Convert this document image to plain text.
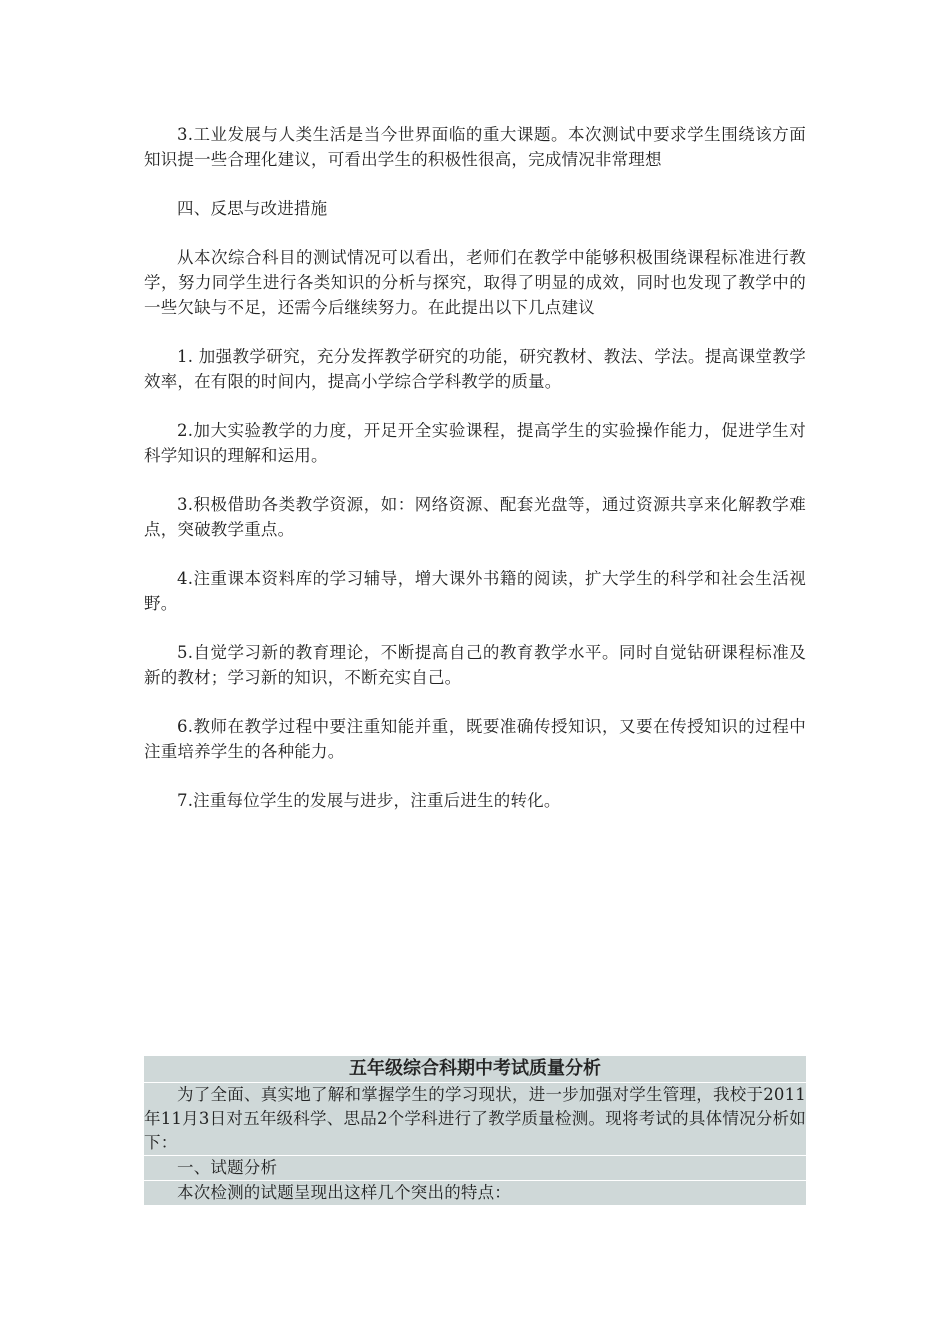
3.工业发展与人类生活是当今世界面临的重大课题。本次测试中要求学生围绕该方面知识提一些合理化建议，可看出学生的积极性很高，完成情况非常理想

四、反思与改进措施

从本次综合科目的测试情况可以看出，老师们在教学中能够积极围绕课程标准进行教学，努力同学生进行各类知识的分析与探究，取得了明显的成效，同时也发现了教学中的一些欠缺与不足，还需今后继续努力。在此提出以下几点建议

1. 加强教学研究，充分发挥教学研究的功能，研究教材、教法、学法。提高课堂教学效率，在有限的时间内，提高小学综合学科教学的质量。

2.加大实验教学的力度，开足开全实验课程，提高学生的实验操作能力，促进学生对科学知识的理解和运用。

3.积极借助各类教学资源，如：网络资源、配套光盘等，通过资源共享来化解教学难点，突破教学重点。

4.注重课本资料库的学习辅导，增大课外书籍的阅读，扩大学生的科学和社会生活视野。

5.自觉学习新的教育理论，不断提高自己的教育教学水平。同时自觉钻研课程标准及新的教材；学习新的知识，不断充实自己。

6.教师在教学过程中要注重知能并重，既要准确传授知识，又要在传授知识的过程中注重培养学生的各种能力。

7.注重每位学生的发展与进步，注重后进生的转化。

五年级综合科期中考试质量分析
为了全面、真实地了解和掌握学生的学习现状，进一步加强对学生管理，我校于2011年11月3日对五年级科学、思品2个学科进行了教学质量检测。现将考试的具体情况分析如下：
一、试题分析
本次检测的试题呈现出这样几个突出的特点：
